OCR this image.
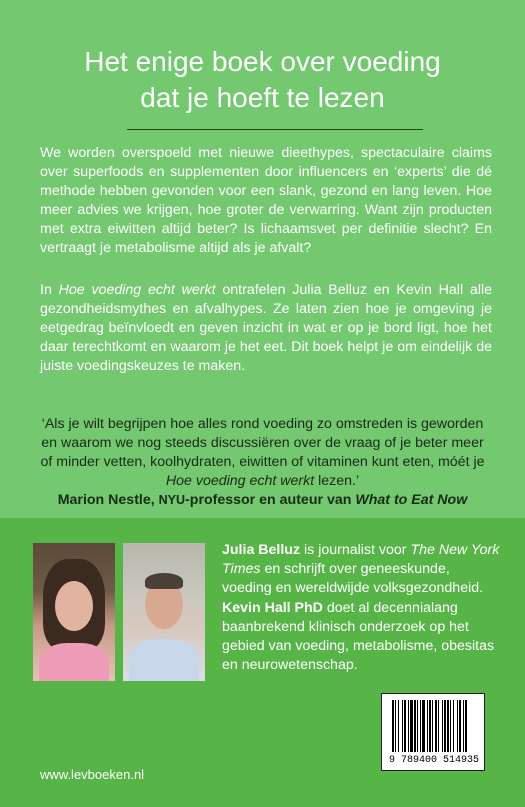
Het enige boek over voeding
dat je hoeft te lezen
We worden overspoeld met nieuwe dieethypes, spectaculaire claims over superfoods en supplementen door influencers en ‘experts’ die dé methode hebben gevonden voor een slank, gezond en lang leven. Hoe meer advies we krijgen, hoe groter de verwarring. Want zijn producten met extra eiwitten altijd beter? Is lichaamsvet per definitie slecht? En vertraagt je metabolisme altijd als je afvalt?
In Hoe voeding echt werkt ontrafelen Julia Belluz en Kevin Hall alle gezondheidsmythes en afvalhypes. Ze laten zien hoe je omgeving je eetgedrag beïnvloedt en geven inzicht in wat er op je bord ligt, hoe het daar terechtkomt en waarom je het eet. Dit boek helpt je om eindelijk de juiste voedingskeuzes te maken.
‘Als je wilt begrijpen hoe alles rond voeding zo omstreden is geworden en waarom we nog steeds discussiëren over de vraag of je beter meer of minder vetten, koolhydraten, eiwitten of vitaminen kunt eten, móét je Hoe voeding echt werkt lezen.’
Marion Nestle, NYU-professor en auteur van What to Eat Now
Julia Belluz is journalist voor The New York Times en schrijft over geneeskunde, voeding en wereldwijde volksgezondheid.
Kevin Hall PhD doet al decennialang baanbrekend klinisch onderzoek op het gebied van voeding, metabolisme, obesitas en neurowetenschap.
9 789400 514935
www.levboeken.nl
